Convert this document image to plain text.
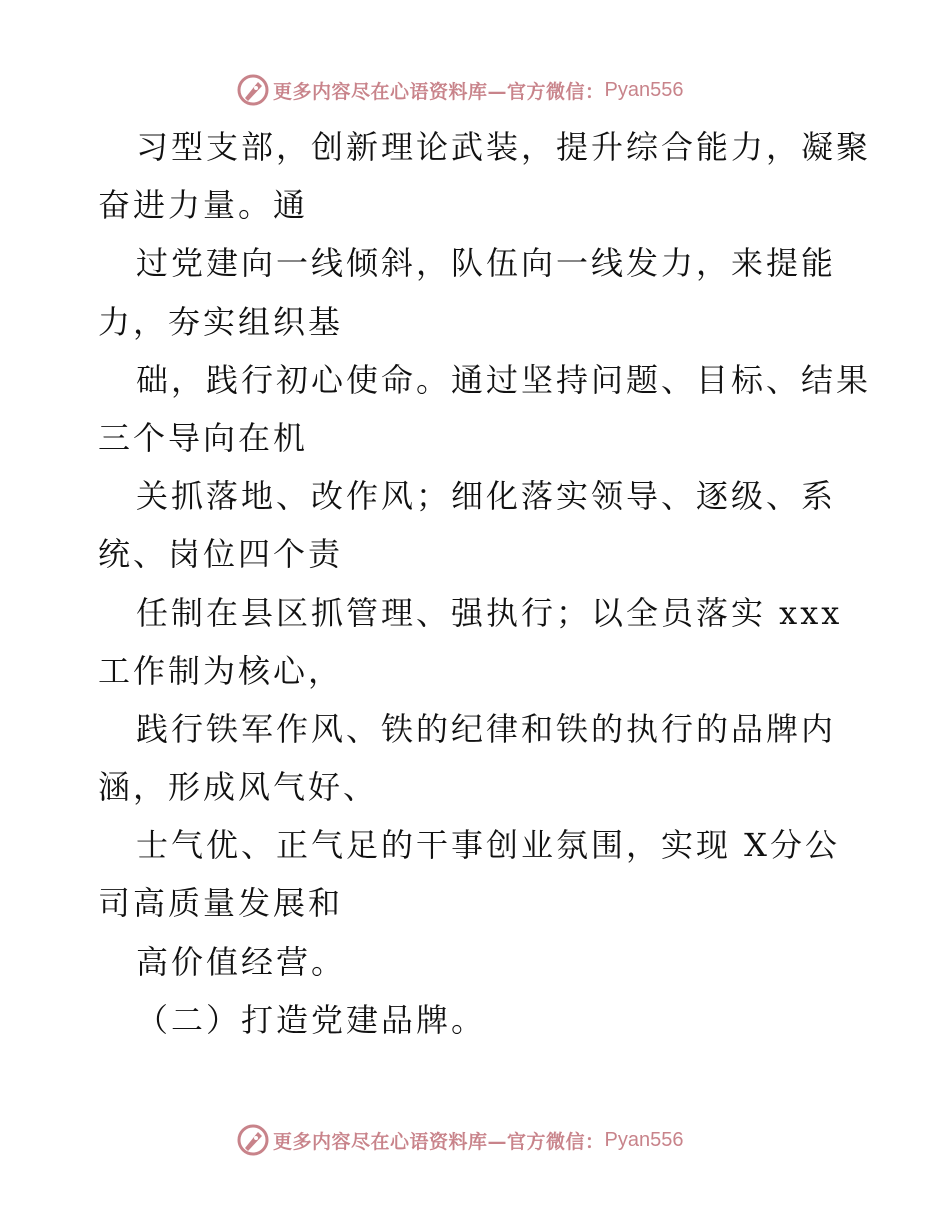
更多内容尽在心语资料库—官方微信： Pyan556
习型支部，创新理论武装，提升综合能力，凝聚
奋进力量。通
过党建向一线倾斜，队伍向一线发力，来提能
力，夯实组织基
础，践行初心使命。通过坚持问题、目标、结果
三个导向在机
关抓落地、改作风；细化落实领导、逐级、系
统、岗位四个责
任制在县区抓管理、强执行；以全员落实 xxx
工作制为核心，
践行铁军作风、铁的纪律和铁的执行的品牌内
涵，形成风气好、
士气优、正气足的干事创业氛围，实现 X分公
司高质量发展和
高价值经营。
（二）打造党建品牌。
更多内容尽在心语资料库—官方微信： Pyan556
